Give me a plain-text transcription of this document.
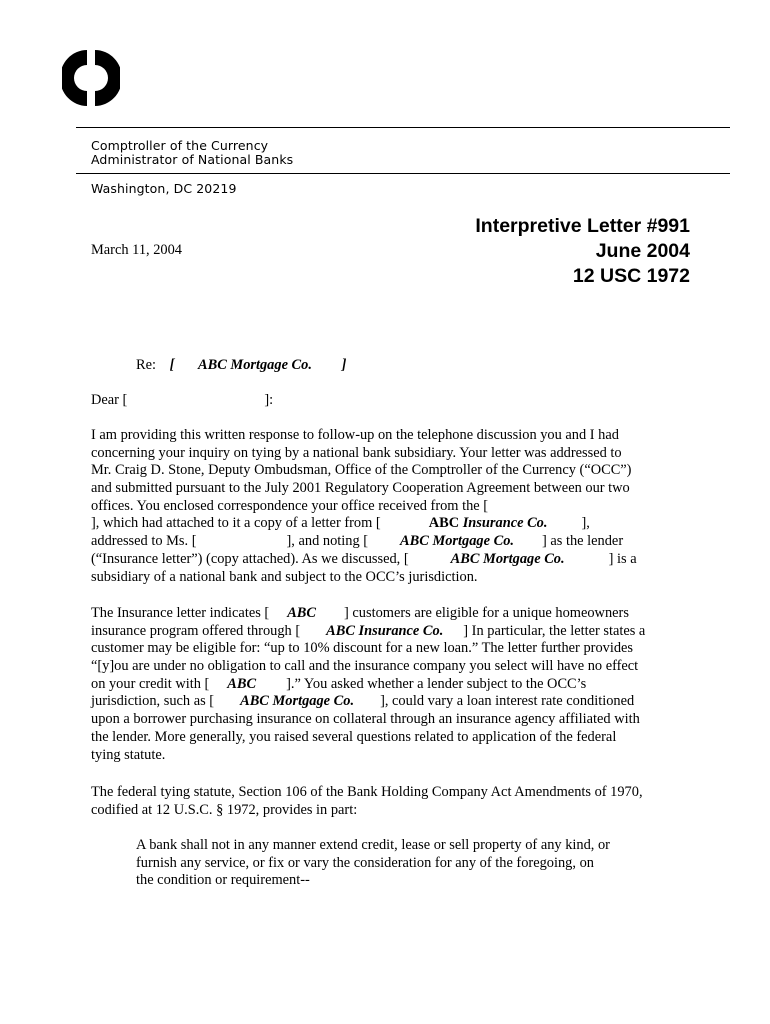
Comptroller of the Currency
Administrator of National Banks
Washington, DC 20219
Interpretive Letter #991
June 2004
12 USC 1972
March 11, 2004
Re: [ ABC Mortgage Co. ]
Dear [	]:
I am providing this written response to follow-up on the telephone discussion you and I had
concerning your inquiry on tying by a national bank subsidiary. Your letter was addressed to
Mr. Craig D. Stone, Deputy Ombudsman, Office of the Comptroller of the Currency (“OCC”)
and submitted pursuant to the July 2001 Regulatory Cooperation Agreement between our two
offices. You enclosed correspondence your office received from the [
], which had attached to it a copy of a letter from [	ABC Insurance Co. ],
addressed to Ms. [	], and noting [ ABC Mortgage Co. ] as the lender
(“Insurance letter”) (copy attached). As we discussed, [	ABC Mortgage Co.	] is a
subsidiary of a national bank and subject to the OCC’s jurisdiction.
The Insurance letter indicates [ ABC ] customers are eligible for a unique homeowners
insurance program offered through [ ABC Insurance Co. ] In particular, the letter states a
customer may be eligible for: “up to 10% discount for a new loan.” The letter further provides
“[y]ou are under no obligation to call and the insurance company you select will have no effect
on your credit with [ ABC ].” You asked whether a lender subject to the OCC’s
jurisdiction, such as [ ABC Mortgage Co. ], could vary a loan interest rate conditioned
upon a borrower purchasing insurance on collateral through an insurance agency affiliated with
the lender. More generally, you raised several questions related to application of the federal
tying statute.
The federal tying statute, Section 106 of the Bank Holding Company Act Amendments of 1970,
codified at 12 U.S.C. § 1972, provides in part:
A bank shall not in any manner extend credit, lease or sell property of any kind, or
furnish any service, or fix or vary the consideration for any of the foregoing, on
the condition or requirement--
